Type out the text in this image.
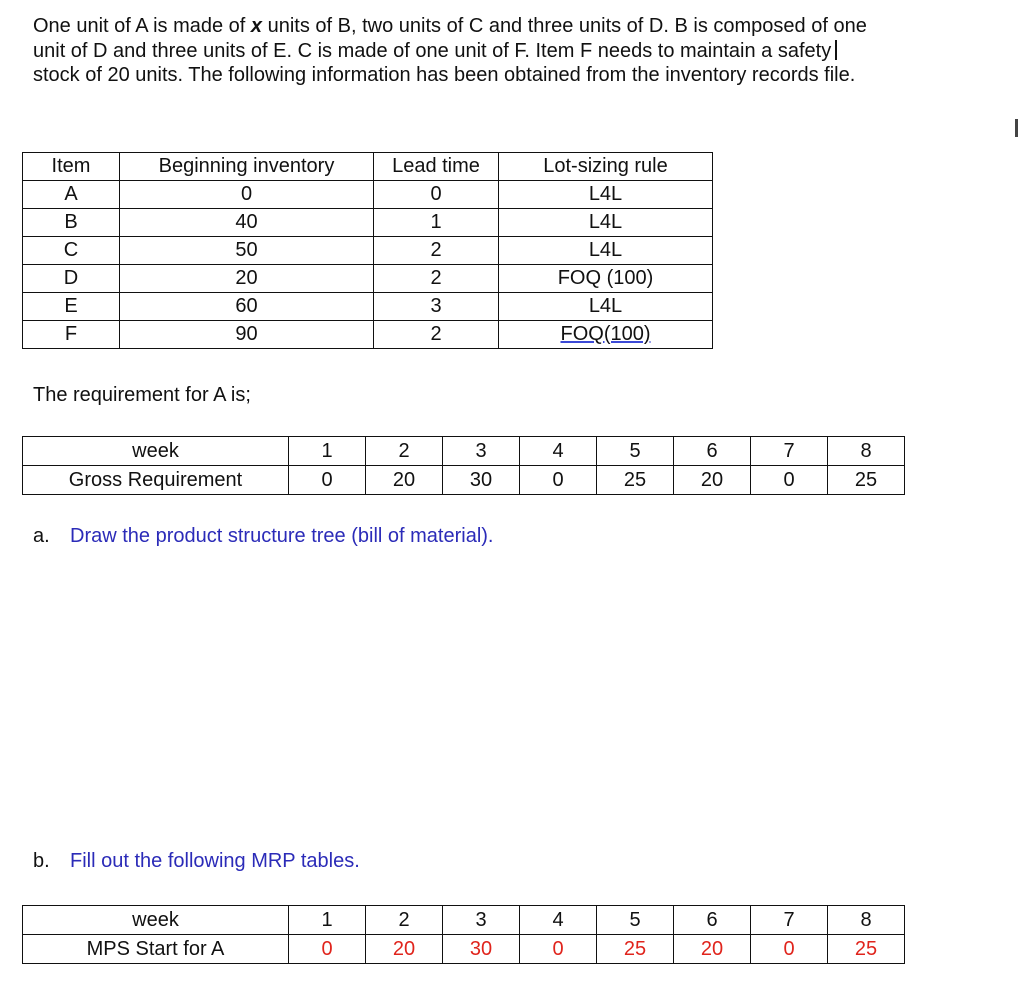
One unit of A is made of x units of B, two units of C and three units of D. B is composed of one
unit of D and three units of E. C is made of one unit of F. Item F needs to maintain a safety
stock of 20 units. The following information has been obtained from the inventory records file.
Item	Beginning inventory	Lead time	Lot-sizing rule
A	0	0	L4L
B	40	1	L4L
C	50	2	L4L
D	20	2	FOQ (100)
E	60	3	L4L
F	90	2	FOQ(100)
The requirement for A is;
week	1	2	3	4	5	6	7	8
Gross Requirement	0	20	30	0	25	20	0	25
a. Draw the product structure tree (bill of material).
b. Fill out the following MRP tables.
week	1	2	3	4	5	6	7	8
MPS Start for A	0	20	30	0	25	20	0	25
